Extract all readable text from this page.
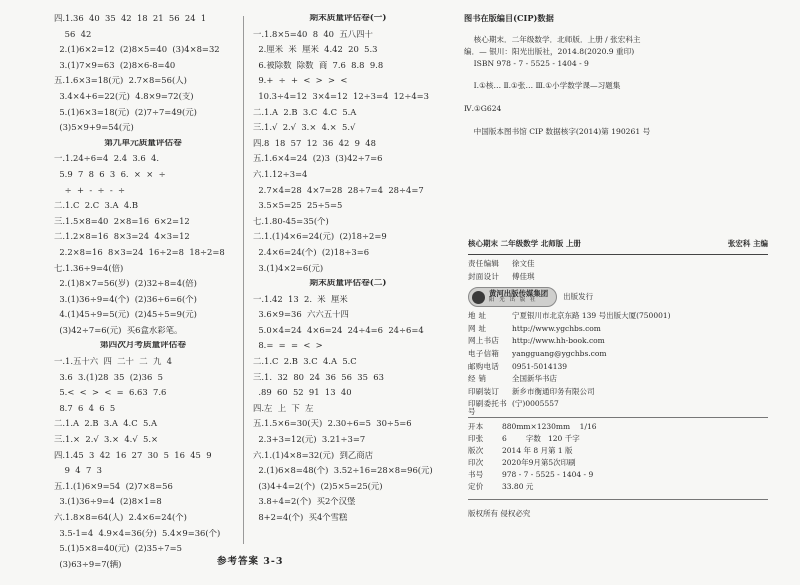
四.1.36  40  35  42  18  21  56  24  1
56  42
2.(1)6×2=12  (2)8×5=40  (3)4×8=32
3.(1)7×9=63  (2)8×6-8=40
五.1.6×3=18(元)  2.7×8=56(人)
3.4×4+6=22(元)  4.8×9=72(支)
5.(1)6×3=18(元)  (2)7÷7=49(元)
(3)5×9+9=54(元)
第九单元质量评估卷
一.1.24÷6=4  2.4  3.6  4.
5.9  7  8  6  3  6.  ×  ×  ÷
÷  +  -  ÷  -  ÷
二.1.C  2.C  3.A  4.B
三.1.5×8=40  2×8=16  6×2=12
二.1.2×8=16  8×3=24  4×3=12
2.2×8=16  8×3=24  16÷2=8  18÷2=8
七.1.36÷9=4(倍)
2.(1)8×7=56(岁)  (2)32÷8=4(倍)
3.(1)36÷9=4(个)  (2)36÷6=6(个)
4.(1)45÷9=5(元)  (2)45÷5=9(元)
(3)42÷7=6(元)  买6盒水彩笔。
第四次月考质量评估卷
一.1.五十六  四  二十  二  九  4
3.6  3.(1)28  35  (2)36  5
5.<  <  >  <  =  6.63  7.6
8.7  6  4  6  5
二.1.A  2.B  3.A  4.C  5.A
三.1.×  2.√  3.×  4.√  5.×
四.1.45  3  42  16  27  30  5  16  45  9
9  4  7  3
五.1.(1)6×9=54  (2)7×8=56
3.(1)36÷9=4  (2)8×1=8
六.1.8×8=64(人)  2.4×6=24(个)
3.5-1=4  4.9×4=36(分)  5.4×9=36(个)
5.(1)5×8=40(元)  (2)35÷7=5
(3)63÷9=7(辆)
期末质量评估卷(一)
一.1.8×5=40  8  40  五八四十
2.厘米  米  厘米  4.42  20  5.3
6.被除数  除数  商  7.6  8.8  9.8
9.+  ÷  +  <  >  >  <
10.3÷4=12  3×4=12  12÷3=4  12÷4=3
二.1.A  2.B  3.C  4.C  5.A
三.1.√  2.√  3.×  4.×  5.√
四.8  18  57  12  36  42  9  48
五.1.6×4=24  (2)3  (3)42÷7=6
六.1.12÷3=4
2.7×4=28  4×7=28  28÷7=4  28÷4=7
3.5×5=25  25÷5=5
七.1.80-45=35(个)
二.1.(1)4×6=24(元)  (2)18÷2=9
2.4×6=24(个)  (2)18÷3=6
3.(1)4×2=6(元)
期末质量评估卷(二)
一.1.42  13  2.  米  厘米
3.6×9=36  六六五十四
5.0×4=24  4×6=24  24÷4=6  24÷6=4
8.=  =  =  <  >
二.1.C  2.B  3.C  4.A  5.C
三.1.  32  80  24  36  56  35  63
.89  60  52  91  13  40
四.左  上  下  左
五.1.5×6=30(天)  2.30÷6=5  30÷5=6
2.3+3=12(元)  3.21÷3=7
六.1.(1)4×8=32(元)  到乙商店
2.(1)6×8=48(个)  3.52÷16=28×8=96(元)
(3)4+4=2(个)  (2)5×5=25(元)
3.8÷4=2(个)  买2个汉堡
8+2=4(个)  买4个雪糕
参考答案 3-3
图书在版编目(CIP)数据
核心期末．二年级数学．北师版．上册 / 张宏科主
编．— 银川：阳光出版社，2014.8(2020.9 重印)
ISBN 978 - 7 - 5525 - 1404 - 9
Ⅰ.①核… Ⅱ.①张… Ⅲ.①小学数学课—习题集
Ⅳ.①G624
中国版本图书馆 CIP 数据核字(2014)第 190261 号
核心期末 二年级数学 北师版 上册	张宏科 主编
责任编辑	徐文佳
封面设计	傅佳琪
黄河出版传媒集团
阳 光 出 版 社	出版发行
地 址	宁夏银川市北京东路 139 号出版大厦(750001)
网 址	http://www.ygchbs.com
网上书店	http://www.hh-book.com
电子信箱	yangguang@ygchbs.com
邮购电话	0951-5014139
经 销	全国新华书店
印刷装订	新乡市衡通印务有限公司
印刷委托书号
(宁)0005557
开本	880mm×1230mm    1/16
印张	6        字数   120 千字
版次	2014 年 8 月第 1 版
印次	2020年9月第5次印刷
书号	978 - 7 - 5525 - 1404 - 9
定价	33.80 元
版权所有 侵权必究
